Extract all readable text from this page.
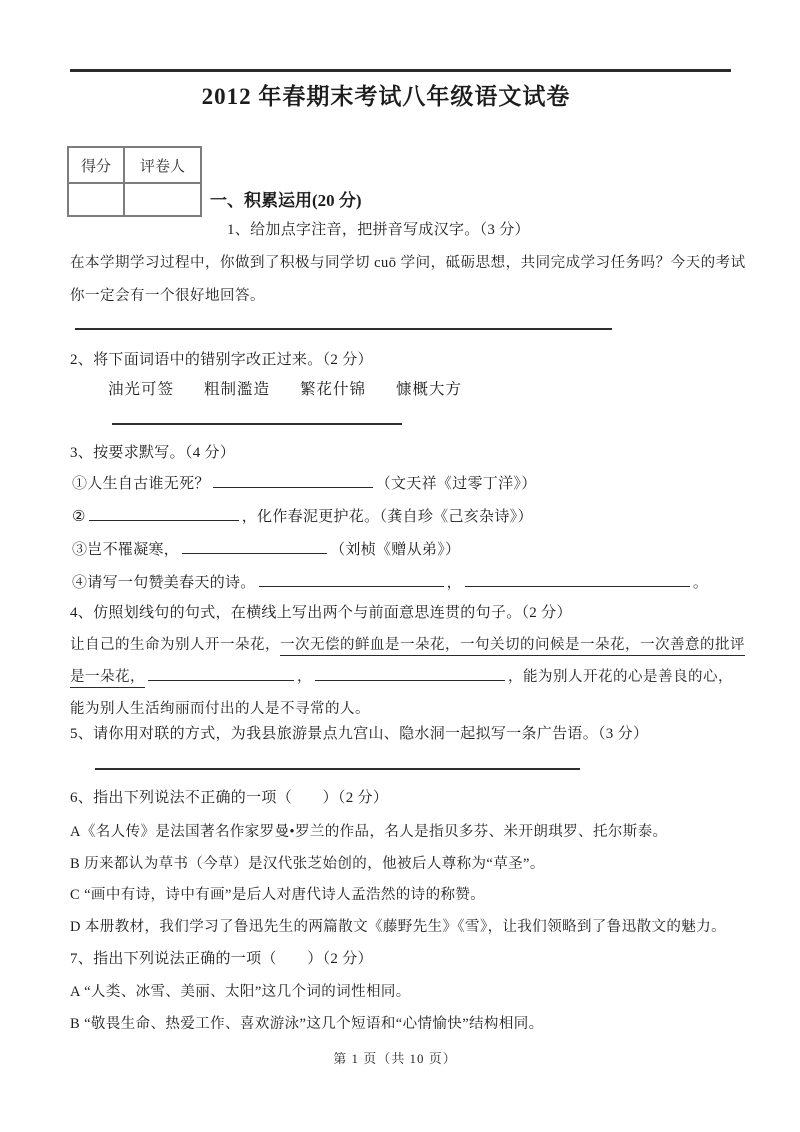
2012 年春期末考试八年级语文试卷
得分	评卷人

一、积累运用(20 分)
1、给加点字注音，把拼音写成汉字。（3 分）
在本学期学习过程中，你做到了积极与同学切 cuō 学问，砥砺思想，共同完成学习任务吗？今天的考试
你一定会有一个很好地回答。
2、将下面词语中的错别字改正过来。（2 分）
油光可签 粗制濫造 繁花什锦 慷概大方
3、按要求默写。（4 分）
①人生自古谁无死？	（文天祥《过零丁洋》）
②	，化作春泥更护花。（龚自珍《己亥杂诗》）
③岂不罹凝寒，	（刘桢《赠从弟》）
④请写一句赞美春天的诗。	，	。
4、仿照划线句的句式，在横线上写出两个与前面意思连贯的句子。（2 分）
让自己的生命为别人开一朵花，一次无偿的鲜血是一朵花，一句关切的问候是一朵花，一次善意的批评
是一朵花，	，	，能为别人开花的心是善良的心，
能为别人生活绚丽而付出的人是不寻常的人。
5、请你用对联的方式，为我县旅游景点九宫山、隐水洞一起拟写一条广告语。（3 分）
6、指出下列说法不正确的一项（　　）（2 分）
A《名人传》是法国著名作家罗曼•罗兰的作品，名人是指贝多芬、米开朗琪罗、托尔斯泰。
B 历来都认为草书（今草）是汉代张芝始创的，他被后人尊称为“草圣”。
C “画中有诗，诗中有画”是后人对唐代诗人孟浩然的诗的称赞。
D 本册教材，我们学习了鲁迅先生的两篇散文《藤野先生》《雪》，让我们领略到了鲁迅散文的魅力。
7、指出下列说法正确的一项（　　）（2 分）
A “人类、冰雪、美丽、太阳”这几个词的词性相同。
B “敬畏生命、热爱工作、喜欢游泳”这几个短语和“心情愉快”结构相同。
第 1 页（共 10 页）
